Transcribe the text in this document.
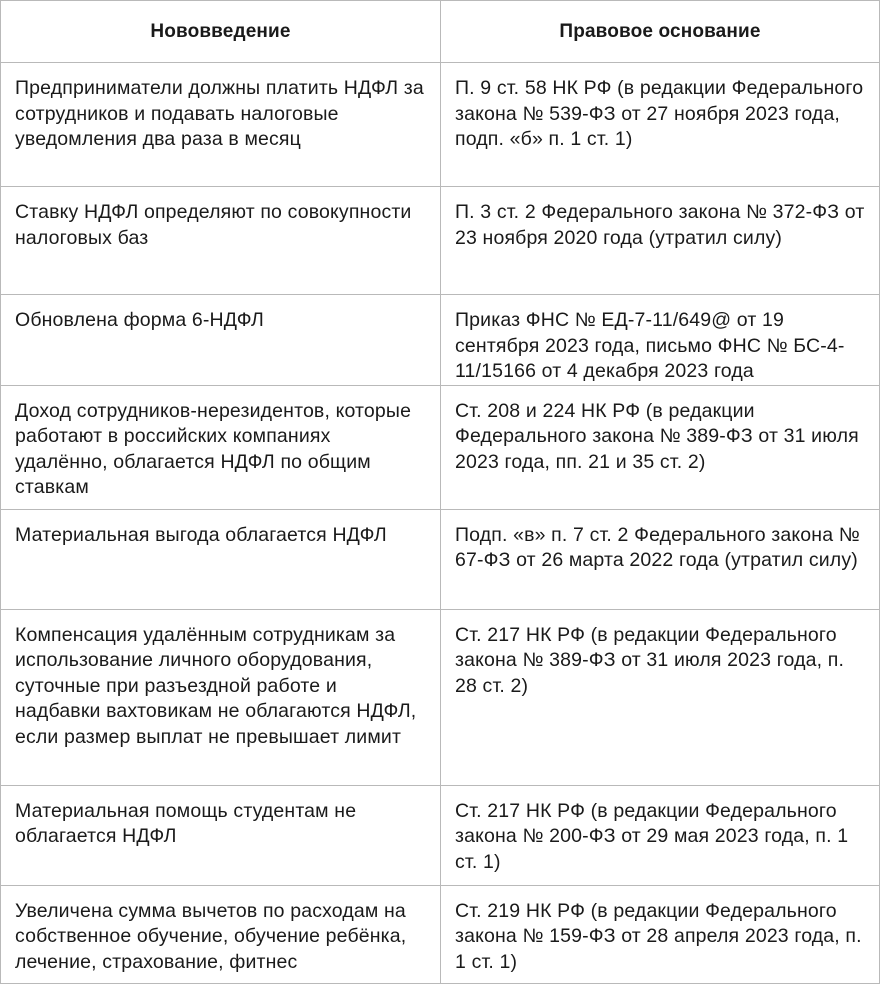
Нововведение	Правовое основание
Предприниматели должны платить НДФЛ за сотрудников и подавать налоговые уведомления два раза в месяц	П. 9 ст. 58 НК РФ (в редакции Федерального закона № 539-ФЗ от 27 ноября 2023 года, подп. «б» п. 1 ст. 1)
Ставку НДФЛ определяют по совокупности налоговых баз	П. 3 ст. 2 Федерального закона № 372-ФЗ от 23 ноября 2020 года (утратил силу)
Обновлена форма 6-НДФЛ	Приказ ФНС № ЕД-7-11/649@ от 19 сентября 2023 года, письмо ФНС № БС-4-11/15166 от 4 декабря 2023 года
Доход сотрудников-нерезидентов, которые работают в российских компаниях удалённо, облагается НДФЛ по общим ставкам	Ст. 208 и 224 НК РФ (в редакции Федерального закона № 389-ФЗ от 31 июля 2023 года, пп. 21 и 35 ст. 2)
Материальная выгода облагается НДФЛ	Подп. «в» п. 7 ст. 2 Федерального закона № 67-ФЗ от 26 марта 2022 года (утратил силу)
Компенсация удалённым сотрудникам за использование личного оборудования, суточные при разъездной работе и надбавки вахтовикам не облагаются НДФЛ, если размер выплат не превышает лимит	Ст. 217 НК РФ (в редакции Федерального закона № 389-ФЗ от 31 июля 2023 года, п. 28 ст. 2)
Материальная помощь студентам не облагается НДФЛ	Ст. 217 НК РФ (в редакции Федерального закона № 200-ФЗ от 29 мая 2023 года, п. 1 ст. 1)
Увеличена сумма вычетов по расходам на собственное обучение, обучение ребёнка, лечение, страхование, фитнес	Ст. 219 НК РФ (в редакции Федерального закона № 159-ФЗ от 28 апреля 2023 года, п. 1 ст. 1)
